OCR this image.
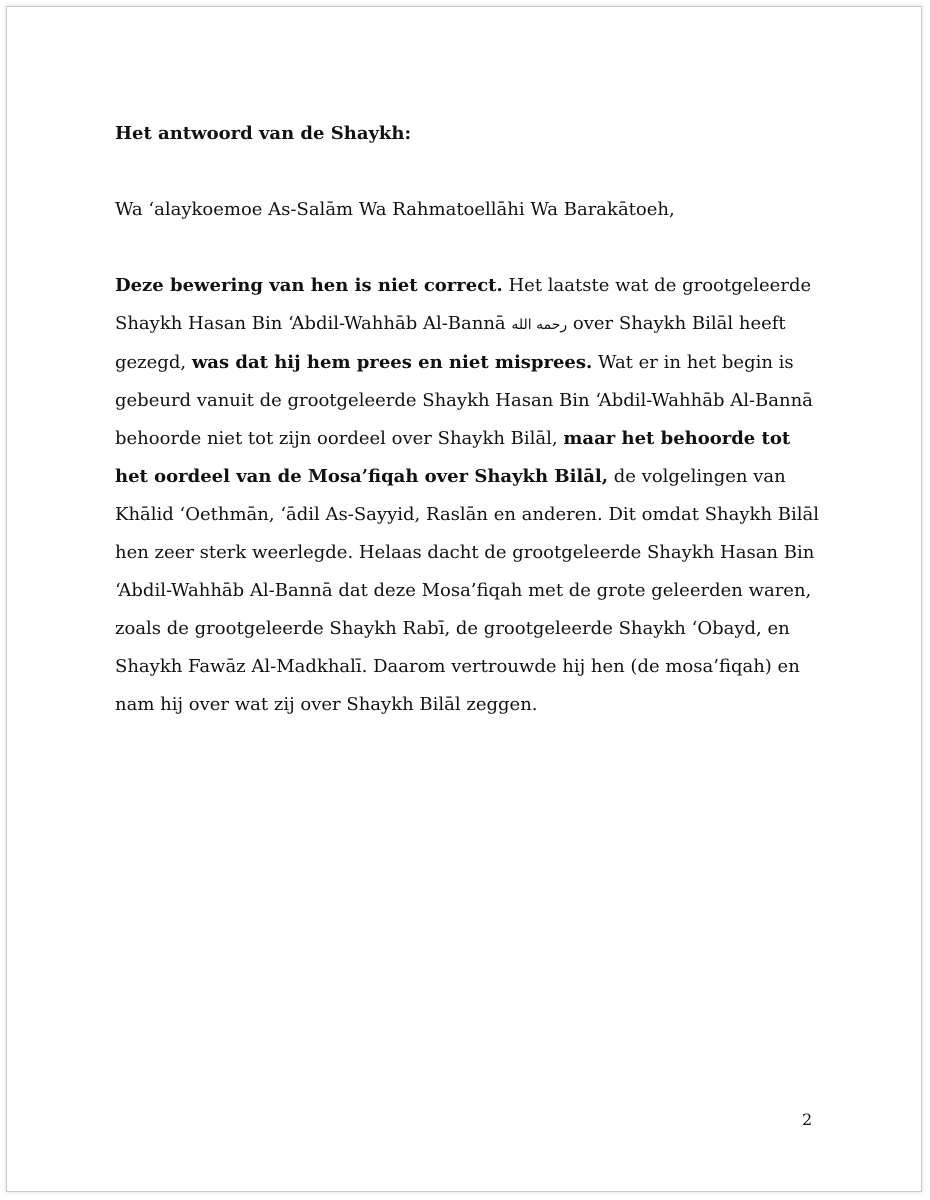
Het antwoord van de Shaykh:

Wa ‘alaykoemoe As-Salām Wa Rahmatoellāhi Wa Barakātoeh,

Deze bewering van hen is niet correct. Het laatste wat de grootgeleerde Shaykh Hasan Bin ‘Abdil-Wahhāb Al-Bannā رحمه الله over Shaykh Bilāl heeft gezegd, was dat hij hem prees en niet misprees. Wat er in het begin is gebeurd vanuit de grootgeleerde Shaykh Hasan Bin ‘Abdil-Wahhāb Al-Bannā behoorde niet tot zijn oordeel over Shaykh Bilāl, maar het behoorde tot het oordeel van de Mosa’fiqah over Shaykh Bilāl, de volgelingen van Khālid ‘Oethmān, ‘ādil As-Sayyid, Raslān en anderen. Dit omdat Shaykh Bilāl hen zeer sterk weerlegde. Helaas dacht de grootgeleerde Shaykh Hasan Bin ‘Abdil-Wahhāb Al-Bannā dat deze Mosa’fiqah met de grote geleerden waren, zoals de grootgeleerde Shaykh Rabī, de grootgeleerde Shaykh ‘Obayd, en Shaykh Fawāz Al-Madkhalī. Daarom vertrouwde hij hen (de mosa’fiqah) en nam hij over wat zij over Shaykh Bilāl zeggen.

2
